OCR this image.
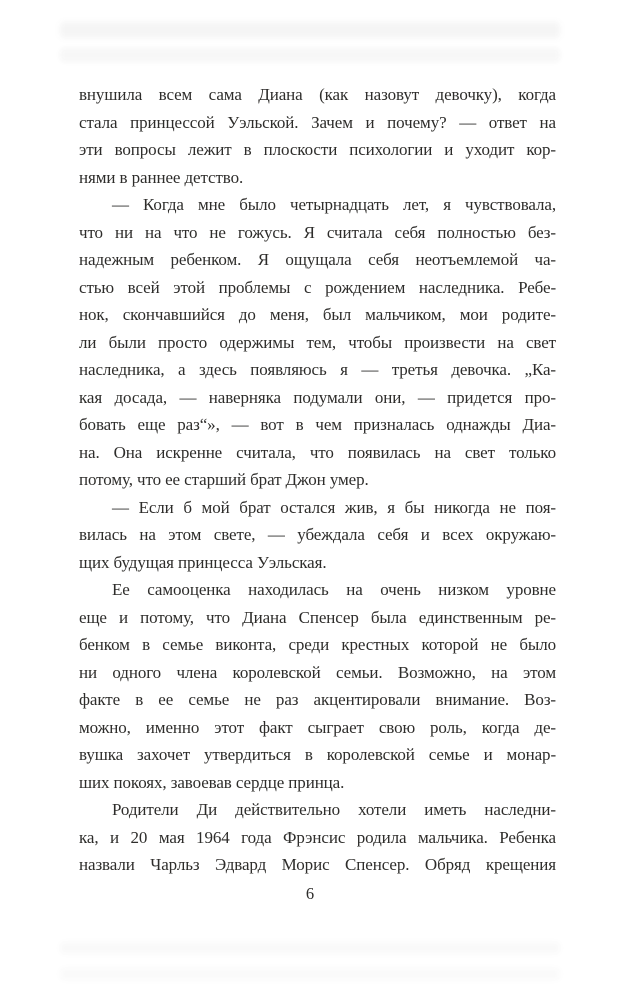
внушила всем сама Диана (как назовут девочку), когда
стала принцессой Уэльской. Зачем и почему? — ответ на
эти вопросы лежит в плоскости психологии и уходит кор-
нями в раннее детство.
— Когда мне было четырнадцать лет, я чувствовала,
что ни на что не гожусь. Я считала себя полностью без-
надежным ребенком. Я ощущала себя неотъемлемой ча-
стью всей этой проблемы с рождением наследника. Ребе-
нок, скончавшийся до меня, был мальчиком, мои родите-
ли были просто одержимы тем, чтобы произвести на свет
наследника, а здесь появляюсь я — третья девочка. „Ка-
кая досада, — наверняка подумали они, — придется про-
бовать еще раз“», — вот в чем призналась однажды Диа-
на. Она искренне считала, что появилась на свет только
потому, что ее старший брат Джон умер.
— Если б мой брат остался жив, я бы никогда не поя-
вилась на этом свете, — убеждала себя и всех окружаю-
щих будущая принцесса Уэльская.
Ее самооценка находилась на очень низком уровне
еще и потому, что Диана Спенсер была единственным ре-
бенком в семье виконта, среди крестных которой не было
ни одного члена королевской семьи. Возможно, на этом
факте в ее семье не раз акцентировали внимание. Воз-
можно, именно этот факт сыграет свою роль, когда де-
вушка захочет утвердиться в королевской семье и монар-
ших покоях, завоевав сердце принца.
Родители Ди действительно хотели иметь наследни-
ка, и 20 мая 1964 года Фрэнсис родила мальчика. Ребенка
назвали Чарльз Эдвард Морис Спенсер. Обряд крещения
6
